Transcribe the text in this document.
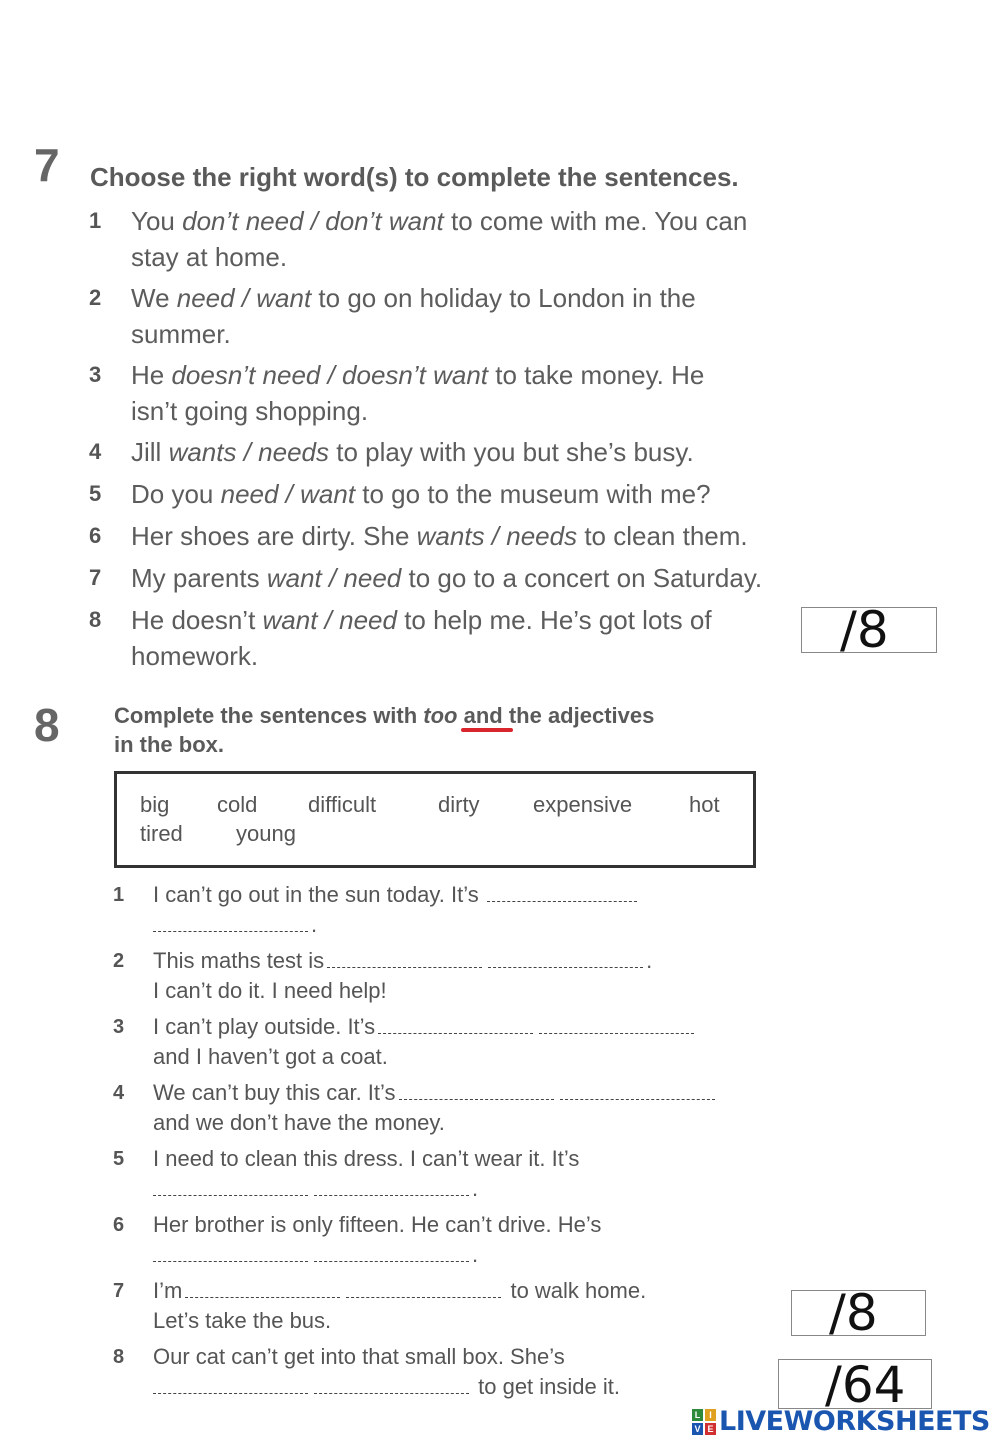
7 Choose the right word(s) to complete the sentences.
1 You don’t need / don’t want to come with me. You can
stay at home.
2 We need / want to go on holiday to London in the
summer.
3 He doesn’t need / doesn’t want to take money. He
isn’t going shopping.
4 Jill wants / needs to play with you but she’s busy.
5 Do you need / want to go to the museum with me?
6 Her shoes are dirty. She wants / needs to clean them.
7 My parents want / need to go to a concert on Saturday.
8 He doesn’t want / need to help me. He’s got lots of
homework.	/8
8 Complete the sentences with too and the adjectives
in the box.
big cold difficult	dirty expensive	hot
tired young
1 I can’t go out in the sun today. It’s
.
2 This maths test is	.
I can’t do it. I need help!
3 I can’t play outside. It’s
and I haven’t got a coat.
4 We can’t buy this car. It’s
and we don’t have the money.
5 I need to clean this dress. I can’t wear it. It’s
.
6 Her brother is only fifteen. He can’t drive. He’s
.
7 I’m	to walk home.
Let’s take the bus.
8 Our cat can’t get into that small box. She’s
to get inside it.
/8
/64
L I
V E LIVEWORKSHEETS
